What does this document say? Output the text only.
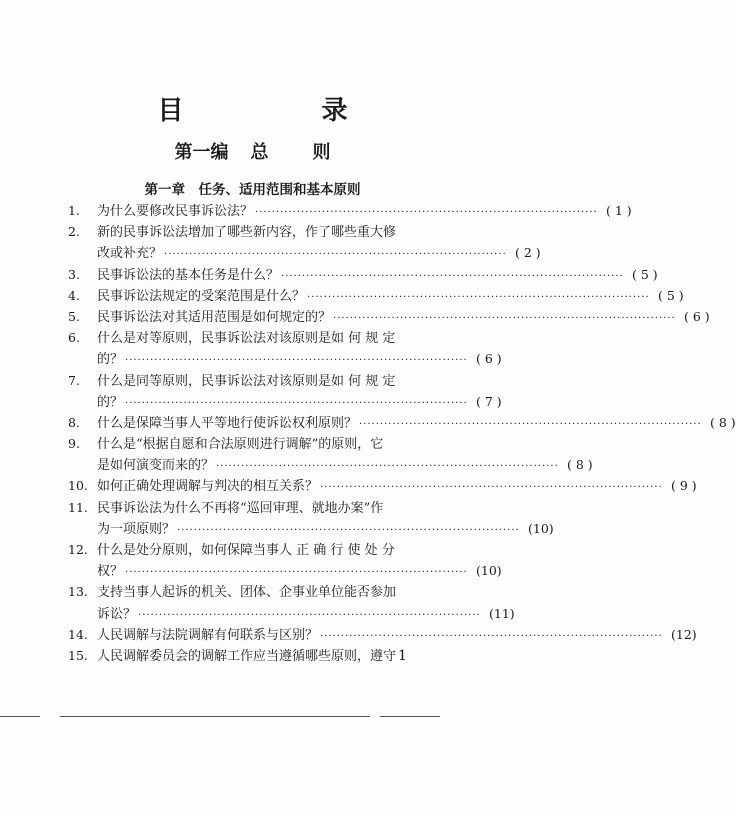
目　录
第一编 总 则
第一章　任务、适用范围和基本原则
1.	为什么要修改民事诉讼法？ ·················································································· ( 1 )
2.	新的民事诉讼法增加了哪些新内容，作了哪些重大修
改或补充？ ·················································································· ( 2 )
3.	民事诉讼法的基本任务是什么？ ·················································································· ( 5 )
4.	民事诉讼法规定的受案范围是什么？ ·················································································· ( 5 )
5.	民事诉讼法对其适用范围是如何规定的？ ·················································································· ( 6 )
6.	什么是对等原则，民事诉讼法对该原则是如 何 规 定
的？ ·················································································· ( 6 )
7.	什么是同等原则，民事诉讼法对该原则是如 何 规 定
的？ ·················································································· ( 7 )
8.	什么是保障当事人平等地行使诉讼权利原则？ ·················································································· ( 8 )
9.	什么是“根据自愿和合法原则进行调解”的原则，它
是如何演变而来的？ ·················································································· ( 8 )
10. 如何正确处理调解与判决的相互关系？ ·················································································· ( 9 )
11. 民事诉讼法为什么不再将“巡回审理、就地办案”作
为一项原则？ ·················································································· (10)
12. 什么是处分原则，如何保障当事人 正 确 行 使 处 分
权？ ·················································································· (10)
13. 支持当事人起诉的机关、团体、企事业单位能否参加
诉讼？ ·················································································· (11)
14. 人民调解与法院调解有何联系与区别？ ·················································································· (12)
15. 人民调解委员会的调解工作应当遵循哪些原则，遵守 1
